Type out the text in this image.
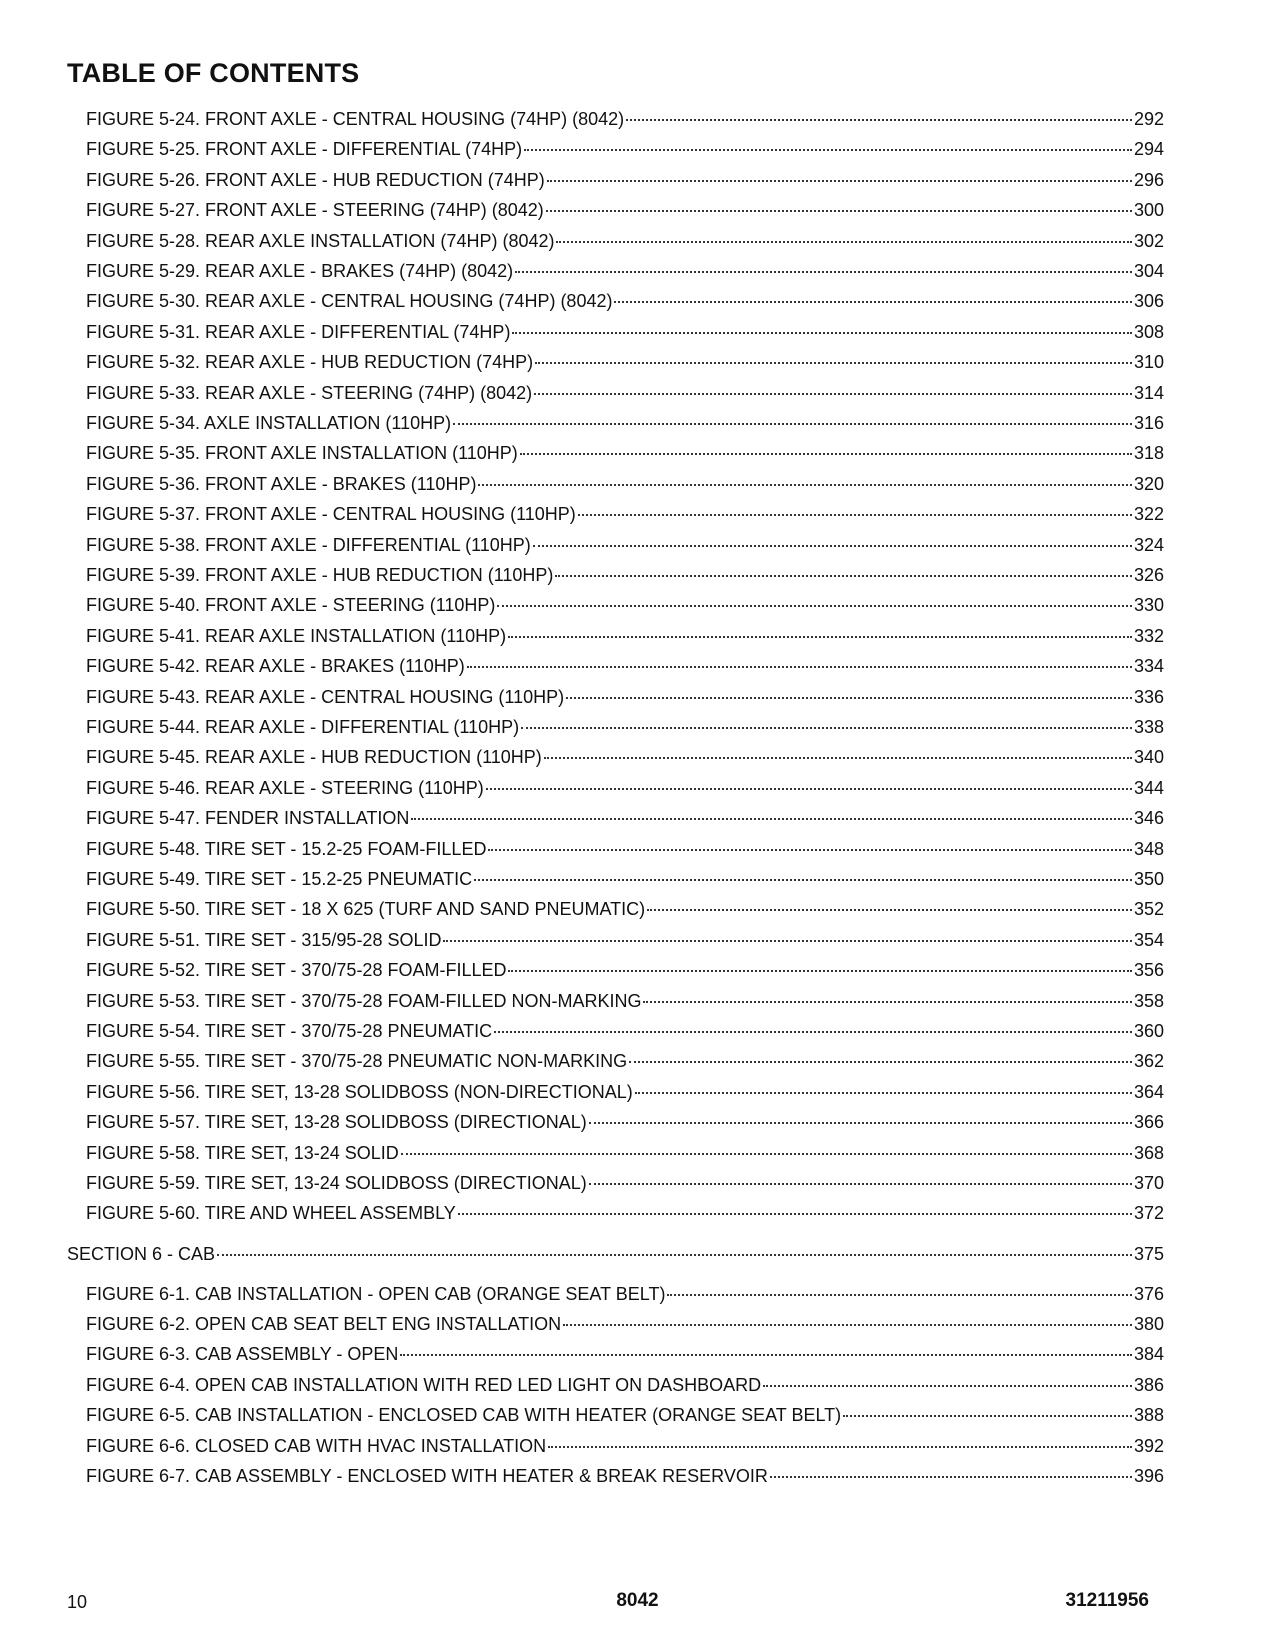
TABLE OF CONTENTS
FIGURE 5-24. FRONT AXLE - CENTRAL HOUSING (74HP) (8042)	292
FIGURE 5-25. FRONT AXLE - DIFFERENTIAL (74HP)	294
FIGURE 5-26. FRONT AXLE - HUB REDUCTION (74HP)	296
FIGURE 5-27. FRONT AXLE - STEERING (74HP) (8042)	300
FIGURE 5-28. REAR AXLE INSTALLATION (74HP) (8042)	302
FIGURE 5-29. REAR AXLE - BRAKES (74HP) (8042)	304
FIGURE 5-30. REAR AXLE - CENTRAL HOUSING (74HP) (8042)	306
FIGURE 5-31. REAR AXLE - DIFFERENTIAL (74HP)	308
FIGURE 5-32. REAR AXLE - HUB REDUCTION (74HP)	310
FIGURE 5-33. REAR AXLE - STEERING (74HP) (8042)	314
FIGURE 5-34. AXLE INSTALLATION (110HP)	316
FIGURE 5-35. FRONT AXLE INSTALLATION (110HP)	318
FIGURE 5-36. FRONT AXLE - BRAKES (110HP)	320
FIGURE 5-37. FRONT AXLE - CENTRAL HOUSING (110HP)	322
FIGURE 5-38. FRONT AXLE - DIFFERENTIAL (110HP)	324
FIGURE 5-39. FRONT AXLE - HUB REDUCTION (110HP)	326
FIGURE 5-40. FRONT AXLE - STEERING (110HP)	330
FIGURE 5-41. REAR AXLE INSTALLATION (110HP)	332
FIGURE 5-42. REAR AXLE - BRAKES (110HP)	334
FIGURE 5-43. REAR AXLE - CENTRAL HOUSING (110HP)	336
FIGURE 5-44. REAR AXLE - DIFFERENTIAL (110HP)	338
FIGURE 5-45. REAR AXLE - HUB REDUCTION (110HP)	340
FIGURE 5-46. REAR AXLE - STEERING (110HP)	344
FIGURE 5-47. FENDER INSTALLATION	346
FIGURE 5-48. TIRE SET - 15.2-25 FOAM-FILLED	348
FIGURE 5-49. TIRE SET - 15.2-25 PNEUMATIC	350
FIGURE 5-50. TIRE SET - 18 X 625 (TURF AND SAND PNEUMATIC)	352
FIGURE 5-51. TIRE SET - 315/95-28 SOLID	354
FIGURE 5-52. TIRE SET - 370/75-28 FOAM-FILLED	356
FIGURE 5-53. TIRE SET - 370/75-28 FOAM-FILLED NON-MARKING	358
FIGURE 5-54. TIRE SET - 370/75-28 PNEUMATIC	360
FIGURE 5-55. TIRE SET - 370/75-28 PNEUMATIC NON-MARKING	362
FIGURE 5-56. TIRE SET, 13-28 SOLIDBOSS (NON-DIRECTIONAL)	364
FIGURE 5-57. TIRE SET, 13-28 SOLIDBOSS (DIRECTIONAL)	366
FIGURE 5-58. TIRE SET, 13-24 SOLID	368
FIGURE 5-59. TIRE SET, 13-24 SOLIDBOSS (DIRECTIONAL)	370
FIGURE 5-60. TIRE AND WHEEL ASSEMBLY	372
SECTION 6 - CAB	375
FIGURE 6-1. CAB INSTALLATION - OPEN CAB (ORANGE SEAT BELT)	376
FIGURE 6-2. OPEN CAB SEAT BELT ENG INSTALLATION	380
FIGURE 6-3. CAB ASSEMBLY - OPEN	384
FIGURE 6-4. OPEN CAB INSTALLATION WITH RED LED LIGHT ON DASHBOARD	386
FIGURE 6-5. CAB INSTALLATION - ENCLOSED CAB WITH HEATER (ORANGE SEAT BELT)	388
FIGURE 6-6. CLOSED CAB WITH HVAC INSTALLATION	392
FIGURE 6-7. CAB ASSEMBLY - ENCLOSED WITH HEATER & BREAK RESERVOIR	396
10	8042	31211956
